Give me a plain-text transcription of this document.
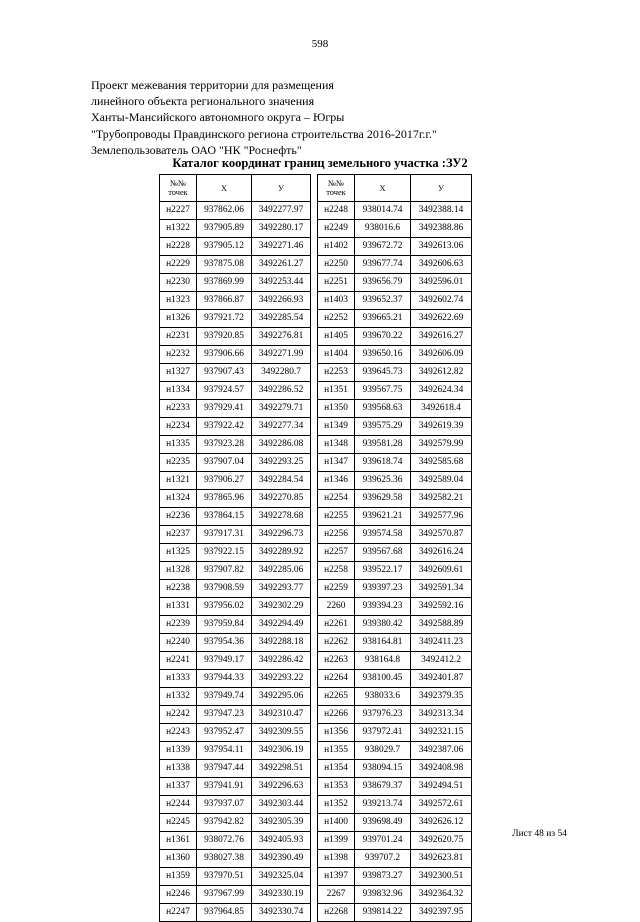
598
Проект межевания территории для размещения
линейного объекта регионального значения
Ханты-Мансийского автономного округа – Югры
"Трубопроводы Правдинского региона строительства 2016-2017г.г."
Землепользователь ОАО "НК "Роснефть"
Каталог координат границ земельного участка :ЗУ2
№№
точек	X	У		№№
точек	X	У
н2227	937862.06	3492277.97		н2248	938014.74	3492388.14
н1322	937905.89	3492280.17		н2249	938016.6	3492388.86
н2228	937905.12	3492271.46		н1402	939672.72	3492613.06
н2229	937875.08	3492261.27		н2250	939677.74	3492606.63
н2230	937869.99	3492253.44		н2251	939656.79	3492596.01
н1323	937866.87	3492266.93		н1403	939652.37	3492602.74
н1326	937921.72	3492285.54		н2252	939665.21	3492622.69
н2231	937920.85	3492276.81		н1405	939670.22	3492616.27
н2232	937906.66	3492271.99		н1404	939650.16	3492606.09
н1327	937907.43	3492280.7		н2253	939645.73	3492612.82
н1334	937924.57	3492286.52		н1351	939567.75	3492624.34
н2233	937929.41	3492279.71		н1350	939568.63	3492618.4
н2234	937922.42	3492277.34		н1349	939575.29	3492619.39
н1335	937923.28	3492286.08		н1348	939581.28	3492579.99
н2235	937907.04	3492293.25		н1347	939618.74	3492585.68
н1321	937906.27	3492284.54		н1346	939625.36	3492589.04
н1324	937865.96	3492270.85		н2254	939629.58	3492582.21
н2236	937864.15	3492278.68		н2255	939621.21	3492577.96
н2237	937917.31	3492296.73		н2256	939574.58	3492570.87
н1325	937922.15	3492289.92		н2257	939567.68	3492616.24
н1328	937907.82	3492285.06		н2258	939522.17	3492609.61
н2238	937908.59	3492293.77		н2259	939397.23	3492591.34
н1331	937956.02	3492302.29		2260	939394.23	3492592.16
н2239	937959.84	3492294.49		н2261	939380.42	3492588.89
н2240	937954.36	3492288.18		н2262	938164.81	3492411.23
н2241	937949.17	3492286.42		н2263	938164.8	3492412.2
н1333	937944.33	3492293.22		н2264	938100.45	3492401.87
н1332	937949.74	3492295.06		н2265	938033.6	3492379.35
н2242	937947.23	3492310.47		н2266	937976.23	3492313.34
н2243	937952.47	3492309.55		н1356	937972.41	3492321.15
н1339	937954.11	3492306.19		н1355	938029.7	3492387.06
н1338	937947.44	3492298.51		н1354	938094.15	3492408.98
н1337	937941.91	3492296.63		н1353	938679.37	3492494.51
н2244	937937.07	3492303.44		н1352	939213.74	3492572.61
н2245	937942.82	3492305.39		н1400	939698.49	3492626.12
н1361	938072.76	3492405.93		н1399	939701.24	3492620.75
н1360	938027.38	3492390.49		н1398	939707.2	3492623.81
н1359	937970.51	3492325.04		н1397	939873.27	3492300.51
н2246	937967.99	3492330.19		2267	939832.96	3492364.32
н2247	937964.85	3492330.74		н2268	939814.22	3492397.95
Лист 48 из 54
